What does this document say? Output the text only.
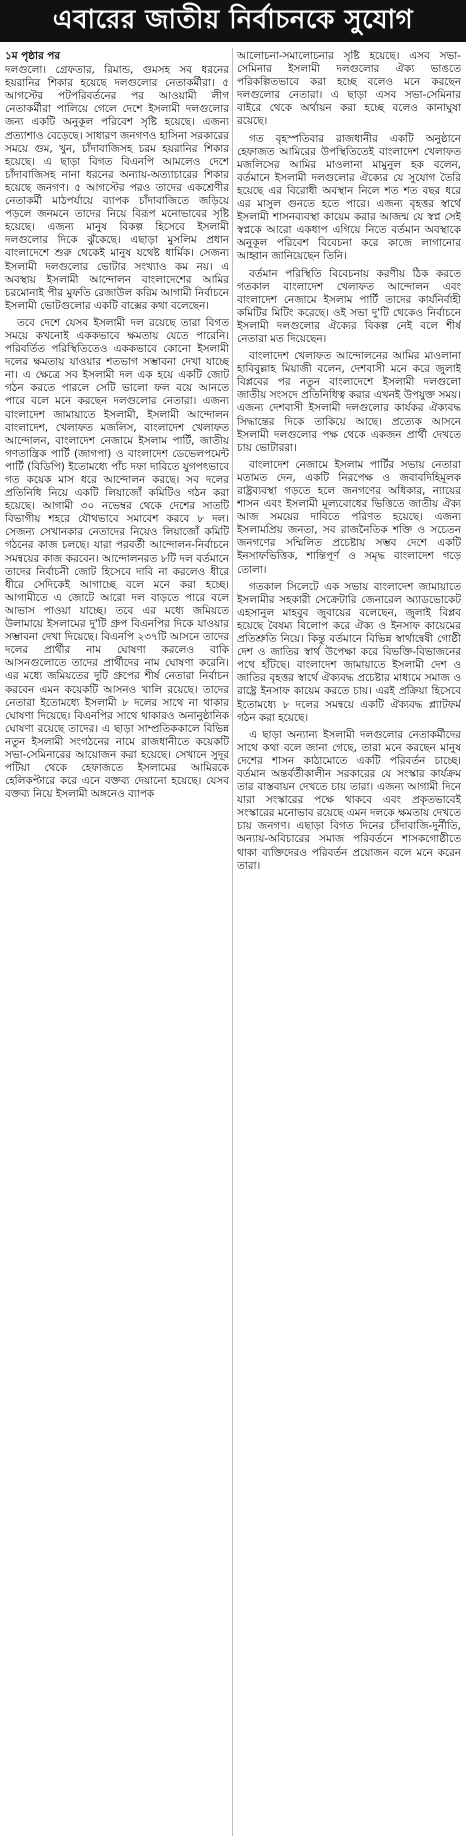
এবারের জাতীয় নির্বাচনকে সুযোগ
১ম পৃষ্ঠার পর

দলগুলো। গ্রেফতার, রিমান্ড, গুমসহ সব ধরনের হয়রানির শিকার হয়েছে দলগুলোর নেতাকর্মীরা। ৫ আগস্টের পটপরিবর্তনের পর আওয়ামী লীগ নেতাকর্মীরা পালিয়ে গেলে দেশে ইসলামী দলগুলোর জন্য একটি অনুকূল পরিবেশ সৃষ্টি হয়েছে। এজন্য প্রত্যাশাও বেড়েছে। সাধারণ জনগণও হাসিনা সরকারের সময়ে গুম, খুন, চাঁদাবাজিসহ চরম হয়রানির শিকার হয়েছে। এ ছাড়া বিগত বিএনপি আমলেও দেশে চাঁদাবাজিসহ নানা ধরনের অন্যায়-অত্যাচারের শিকার হয়েছে জনগণ। ৫ আগস্টের পরও তাদের একশ্রেণীর নেতাকর্মী মাঠপর্যায়ে ব্যাপক চাঁদাবাজিতে জড়িয়ে পড়লে জনমনে তাদের নিয়ে বিরূপ মনোভাবের সৃষ্টি হয়েছে। এজন্য মানুষ বিকল্প হিসেবে ইসলামী দলগুলোর দিকে ঝুঁকেছে। এছাড়া মুসলিম প্রধান বাংলাদেশে শুরু থেকেই মানুষ যথেষ্ট ধার্মিক। সেজন্য ইসলামী দলগুলোর ভোটার সংখ্যাও কম নয়। এ অবস্থায় ইসলামী আন্দোলন বাংলাদেশের আমির চরমোনাই পীর মুফতি রেজাউল করিম আগামী নির্বাচনে ইসলামী ভোটগুলোর একটি বাক্সের কথা বলেছেন।

তবে দেশে যেসব ইসলামী দল রয়েছে তারা বিগত সময়ে কখনোই এককভাবে ক্ষমতায় যেতে পারেনি। পরিবর্তিত পরিস্থিতিতেও এককভাবে কোনো ইসলামী দলের ক্ষমতায় যাওয়ার শতভাগ সম্ভাবনা দেখা যাচ্ছে না। এ ক্ষেত্রে সব ইসলামী দল এক হয়ে একটি জোট গঠন করতে পারলে সেটি ভালো ফল বয়ে আনতে পারে বলে মনে করছেন দলগুলোর নেতারা। এজন্য বাংলাদেশ জামায়াতে ইসলামী, ইসলামী আন্দোলন বাংলাদেশ, খেলাফত মজলিস, বাংলাদেশ খেলাফত আন্দোলন, বাংলাদেশ নেজামে ইসলাম পার্টি, জাতীয় গণতান্ত্রিক পার্টি (জাগপা) ও বাংলাদেশ ডেভেলপমেন্ট পার্টি (বিডিপি) ইতোমধ্যে পাঁচ দফা দাবিতে যুগপৎভাবে গত কয়েক মাস ধরে আন্দোলন করছে। সব দলের প্রতিনিধি নিয়ে একটি লিয়াজোঁ কমিটিও গঠন করা হয়েছে। আগামী ৩০ নভেম্বর থেকে দেশের সাতটি বিভাগীয় শহরে যৌথভাবে সমাবেশ করবে ৮ দল। সেজন্য সেখানকার নেতাদের নিয়েও লিয়াজোঁ কমিটি গঠনের কাজ চলছে। যারা পরবর্তী আন্দোলন-নির্বাচনে সমন্বয়ের কাজ করবেন। আন্দোলনরত ৮টি দল বর্তমানে তাদের নির্বাচনী জোট হিসেবে দাবি না করলেও ধীরে ধীরে সেদিকেই আগাচ্ছে বলে মনে করা হচ্ছে। আগামীতে এ জোটে আরো দল বাড়তে পারে বলে আভাস পাওয়া যাচ্ছে। তবে এর মধ্যে জমিয়তে উলামায়ে ইসলামের দু'টি গ্রুপ বিএনপির দিকে যাওয়ার সম্ভাবনা দেখা দিয়েছে। বিএনপি ২৩৭টি আসনে তাদের দলের প্রার্থীর নাম ঘোষণা করলেও বাকি আসনগুলোতে তাদের প্রার্থীদের নাম ঘোষণা করেনি। এর মধ্যে জমিয়তের দুটি গ্রুপের শীর্ষ নেতারা নির্বাচন করবেন এমন কয়েকটি আসনও খালি রয়েছে। তাদের নেতারা ইতোমধ্যে ইসলামী ৮ দলের সাথে না থাকার ঘোষণা দিয়েছে। বিএনপির সাথে থাকারও অনানুষ্ঠানিক ঘোষণা রয়েছে তাদের। এ ছাড়া সাম্প্রতিককালে বিভিন্ন নতুন ইসলামী সংগঠনের নামে রাজধানীতে কয়েকটি সভা-সেমিনারের আয়োজন করা হয়েছে। সেখানে সুদূর পটিয়া থেকে হেফাজতে ইসলামের আমিরকে হেলিকপ্টারে করে এনে বক্তব্য দেয়ানো হয়েছে। যেসব বক্তব্য নিয়ে ইসলামী অঙ্গনেও ব্যাপক

আলোচনা-সমালোচনার সৃষ্টি হয়েছে। এসব সভা-সেমিনার ইসলামী দলগুলোর ঐক্য ভাঙতে পরিকল্পিতভাবে করা হচ্ছে বলেও মনে করছেন দলগুলোর নেতারা। এ ছাড়া এসব সভা-সেমিনার বাইরে থেকে অর্থায়ন করা হচ্ছে বলেও কানাঘুষা রয়েছে।

গত বৃহস্পতিবার রাজধানীর একটি অনুষ্ঠানে হেফাজত আমিরের উপস্থিতিতেই বাংলাদেশ খেলাফত মজলিসের আমির মাওলানা মামুনুল হক বলেন, বর্তমানে ইসলামী দলগুলোর ঐক্যের যে সুযোগ তৈরি হয়েছে এর বিরোধী অবস্থান নিলে শত শত বছর ধরে এর মাসুল গুনতে হতে পারে। এজন্য বৃহত্তর স্বার্থে ইসলামী শাসনব্যবস্থা কায়েম করার আজন্ম যে স্বপ্ন সেই স্বপ্নকে আরো একধাপ এগিয়ে নিতে বর্তমান অবস্থাকে অনুকূল পরিবেশ বিবেচনা করে কাজে লাগানোর আহ্বান জানিয়েছেন তিনি।

বর্তমান পরিস্থিতি বিবেচনায় করণীয় ঠিক করতে গতকাল বাংলাদেশ খেলাফত আন্দোলন এবং বাংলাদেশ নেজামে ইসলাম পার্টি তাদের কার্যনির্বাহী কমিটির মিটিং করেছে। ওই সভা দু'টি থেকেও নির্বাচনে ইসলামী দলগুলোর ঐক্যের বিকল্প নেই বলে শীর্ষ নেতারা মত দিয়েছেন।

বাংলাদেশ খেলাফত আন্দোলনের আমির মাওলানা হাবিবুল্লাহ মিয়াজী বলেন, দেশবাসী মনে করে জুলাই বিপ্লবের পর নতুন বাংলাদেশে ইসলামী দলগুলো জাতীয় সংসদে প্রতিনিধিত্ব করার এখনই উপযুক্ত সময়। এজন্য দেশবাসী ইসলামী দলগুলোর কার্যকর ঐক্যবদ্ধ সিদ্ধান্তের দিকে তাকিয়ে আছে। প্রত্যেক আসনে ইসলামী দলগুলোর পক্ষ থেকে একজন প্রার্থী দেখতে চায় ভোটাররা।

বাংলাদেশ নেজামে ইসলাম পার্টির সভায় নেতারা মতামত দেন, একটি নিরপেক্ষ ও জবাবদিহিমূলক রাষ্ট্রব্যবস্থা গড়তে হলে জনগণের অধিকার, ন্যায়ের শাসন এবং ইসলামী মূল্যবোধের ভিত্তিতে জাতীয় ঐক্য আজ সময়ের দাবিতে পরিণত হয়েছে। এজন্য ইসলামপ্রিয় জনতা, সব রাজনৈতিক শক্তি ও সচেতন জনগণের সম্মিলিত প্রচেষ্টায় সম্ভব দেশে একটি ইনসাফভিত্তিক, শান্তিপূর্ণ ও সমৃদ্ধ বাংলাদেশ গড়ে তোলা।

গতকাল সিলেটে এক সভায় বাংলাদেশ জামায়াতে ইসলামীর সহকারী সেক্রেটারি জেনারেল অ্যাডভোকেট এহসানুল মাহবুব জুবায়ের বলেছেন, জুলাই বিপ্লব হয়েছে বৈষম্য বিলোপ করে ঐক্য ও ইনসাফ কায়েমের প্রতিশ্রুতি নিয়ে। কিন্তু বর্তমানে বিভিন্ন স্বার্থান্বেষী গোষ্ঠী দেশ ও জাতির স্বার্থ উপেক্ষা করে বিভক্তি-বিভাজনের পথে হাঁটছে। বাংলাদেশ জামায়াতে ইসলামী দেশ ও জাতির বৃহত্তর স্বার্থে ঐক্যবদ্ধ প্রচেষ্টার মাধ্যমে সমাজ ও রাষ্ট্রে ইনসাফ কায়েম করতে চায়। এরই প্রক্রিয়া হিসেবে ইতোমধ্যে ৮ দলের সমন্বয়ে একটি ঐক্যবদ্ধ প্ল্যাটফর্ম গঠন করা হয়েছে।

এ ছাড়া অন্যান্য ইসলামী দলগুলোর নেতাকর্মীদের সাথে কথা বলে জানা গেছে, তারা মনে করছেন মানুষ দেশের শাসন কাঠামোতে একটি পরিবর্তন চাচ্ছে। বর্তমান অন্তর্বর্তীকালীন সরকারের যে সংস্কার কার্যক্রম তার বাস্তবায়ন দেখতে চায় তারা। এজন্য আগামী দিনে যারা সংস্কারের পক্ষে থাকবে এবং প্রকৃতভাবেই সংস্কারের মনোভাব রয়েছে এমন দলকে ক্ষমতায় দেখতে চায় জনগণ। এছাড়া বিগত দিনের চাঁদাবাজি-দুর্নীতি, অন্যায়-অবিচারের সমাজ পরিবর্তনে শাসকগোষ্ঠীতে থাকা ব্যক্তিদেরও পরিবর্তন প্রয়োজন বলে মনে করেন তারা।
